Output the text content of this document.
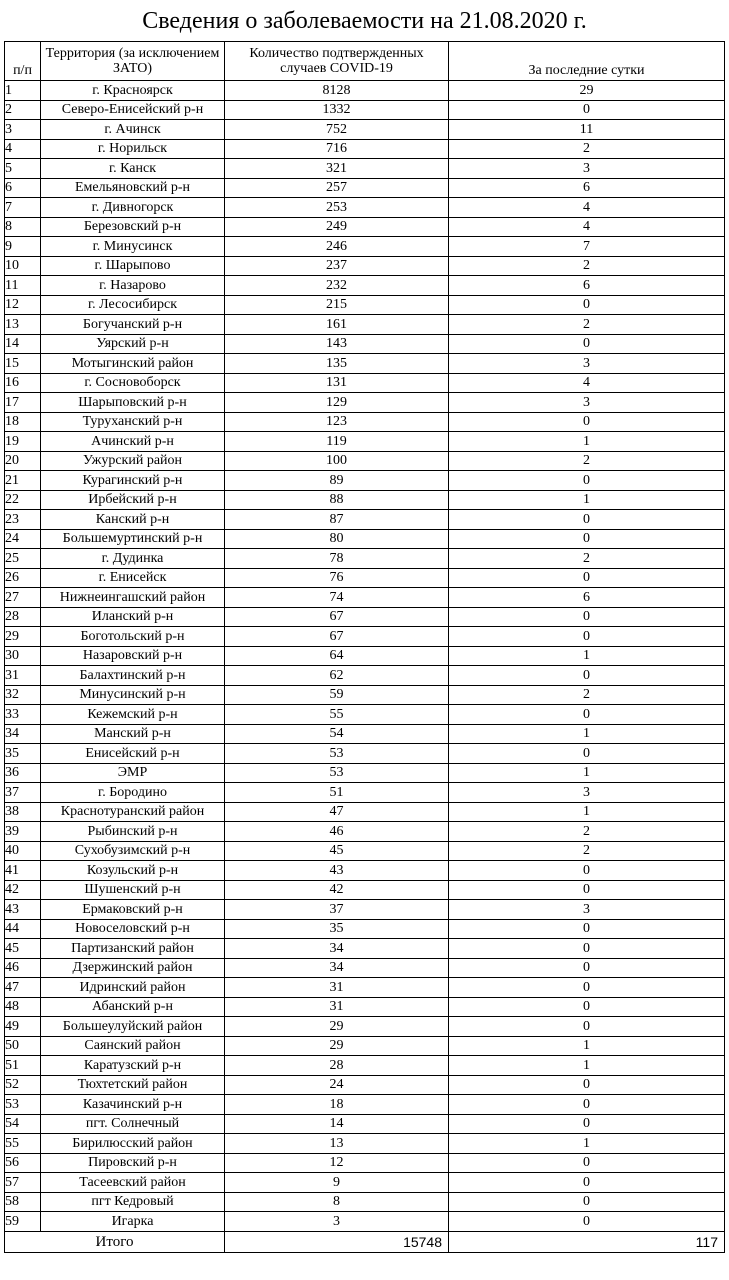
Сведения о заболеваемости на 21.08.2020 г.
п/п	Территория (за исключением ЗАТО)	Количество подтвержденных случаев COVID-19	За последние сутки
1	г. Красноярск	8128	29
2	Северо-Енисейский р-н	1332	0
3	г. Ачинск	752	11
4	г. Норильск	716	2
5	г. Канск	321	3
6	Емельяновский р-н	257	6
7	г. Дивногорск	253	4
8	Березовский р-н	249	4
9	г. Минусинск	246	7
10	г. Шарыпово	237	2
11	г. Назарово	232	6
12	г. Лесосибирск	215	0
13	Богучанский р-н	161	2
14	Уярский р-н	143	0
15	Мотыгинский район	135	3
16	г. Сосновоборск	131	4
17	Шарыповский р-н	129	3
18	Туруханский р-н	123	0
19	Ачинский р-н	119	1
20	Ужурский район	100	2
21	Курагинский р-н	89	0
22	Ирбейский р-н	88	1
23	Канский р-н	87	0
24	Большемуртинский р-н	80	0
25	г. Дудинка	78	2
26	г. Енисейск	76	0
27	Нижнеингашский район	74	6
28	Иланский р-н	67	0
29	Боготольский р-н	67	0
30	Назаровский р-н	64	1
31	Балахтинский р-н	62	0
32	Минусинский р-н	59	2
33	Кежемский р-н	55	0
34	Манский р-н	54	1
35	Енисейский р-н	53	0
36	ЭМР	53	1
37	г. Бородино	51	3
38	Краснотуранский район	47	1
39	Рыбинский р-н	46	2
40	Сухобузимский р-н	45	2
41	Козульский р-н	43	0
42	Шушенский р-н	42	0
43	Ермаковский р-н	37	3
44	Новоселовский р-н	35	0
45	Партизанский район	34	0
46	Дзержинский район	34	0
47	Идринский район	31	0
48	Абанский р-н	31	0
49	Большеулуйский район	29	0
50	Саянский район	29	1
51	Каратузский р-н	28	1
52	Тюхтетский район	24	0
53	Казачинский р-н	18	0
54	пгт. Солнечный	14	0
55	Бирилюсский район	13	1
56	Пировский р-н	12	0
57	Тасеевский район	9	0
58	пгт Кедровый	8	0
59	Игарка	3	0
Итого		15748	117
